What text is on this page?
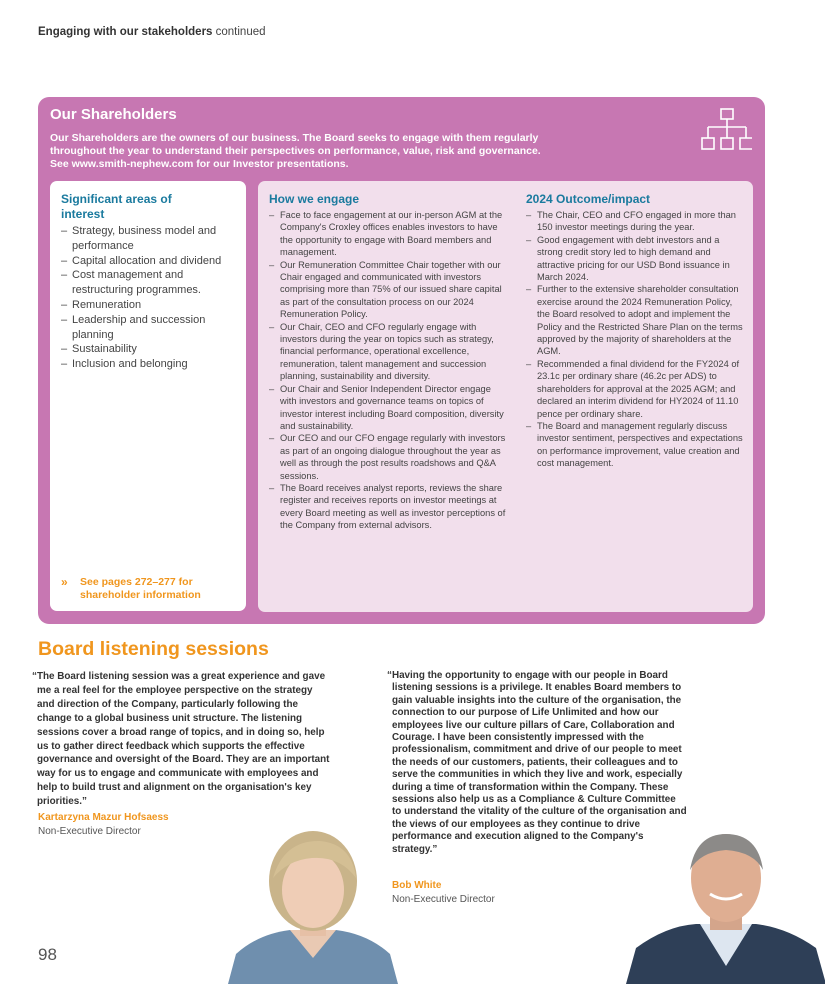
Engaging with our stakeholders continued
Our Shareholders
Our Shareholders are the owners of our business. The Board seeks to engage with them regularly throughout the year to understand their perspectives on performance, value, risk and governance. See www.smith-nephew.com for our Investor presentations.
Significant areas of interest
– Strategy, business model and performance
– Capital allocation and dividend
– Cost management and restructuring programmes.
– Remuneration
– Leadership and succession planning
– Sustainability
– Inclusion and belonging
» See pages 272–277 for shareholder information
How we engage
– Face to face engagement at our in-person AGM at the Company's Croxley offices enables investors to have the opportunity to engage with Board members and management.
– Our Remuneration Committee Chair together with our Chair engaged and communicated with investors comprising more than 75% of our issued share capital as part of the consultation process on our 2024 Remuneration Policy.
– Our Chair, CEO and CFO regularly engage with investors during the year on topics such as strategy, financial performance, operational excellence, remuneration, talent management and succession planning, sustainability and diversity.
– Our Chair and Senior Independent Director engage with investors and governance teams on topics of investor interest including Board composition, diversity and sustainability.
– Our CEO and our CFO engage regularly with investors as part of an ongoing dialogue throughout the year as well as through the post results roadshows and Q&A sessions.
– The Board receives analyst reports, reviews the share register and receives reports on investor meetings at every Board meeting as well as investor perceptions of the Company from external advisors.
2024 Outcome/impact
– The Chair, CEO and CFO engaged in more than 150 investor meetings during the year.
– Good engagement with debt investors and a strong credit story led to high demand and attractive pricing for our USD Bond issuance in March 2024.
– Further to the extensive shareholder consultation exercise around the 2024 Remuneration Policy, the Board resolved to adopt and implement the Policy and the Restricted Share Plan on the terms approved by the majority of shareholders at the AGM.
– Recommended a final dividend for the FY2024 of 23.1c per ordinary share (46.2c per ADS) to shareholders for approval at the 2025 AGM; and declared an interim dividend for HY2024 of 11.10 pence per ordinary share.
– The Board and management regularly discuss investor sentiment, perspectives and expectations on performance improvement, value creation and cost management.
Board listening sessions
“The Board listening session was a great experience and gave me a real feel for the employee perspective on the strategy and direction of the Company, particularly following the change to a global business unit structure. The listening sessions cover a broad range of topics, and in doing so, help us to gather direct feedback which supports the effective governance and oversight of the Board. They are an important way for us to engage and communicate with employees and help to build trust and alignment on the organisation's key priorities.”
Kartarzyna Mazur Hofsaess
Non-Executive Director
“Having the opportunity to engage with our people in Board listening sessions is a privilege. It enables Board members to gain valuable insights into the culture of the organisation, the connection to our purpose of Life Unlimited and how our employees live our culture pillars of Care, Collaboration and Courage. I have been consistently impressed with the professionalism, commitment and drive of our people to meet the needs of our customers, patients, their colleagues and to serve the communities in which they live and work, especially during a time of transformation within the Company. These sessions also help us as a Compliance & Culture Committee to understand the vitality of the culture of the organisation and the views of our employees as they continue to drive performance and execution aligned to the Company's strategy.”
Bob White
Non-Executive Director
98
